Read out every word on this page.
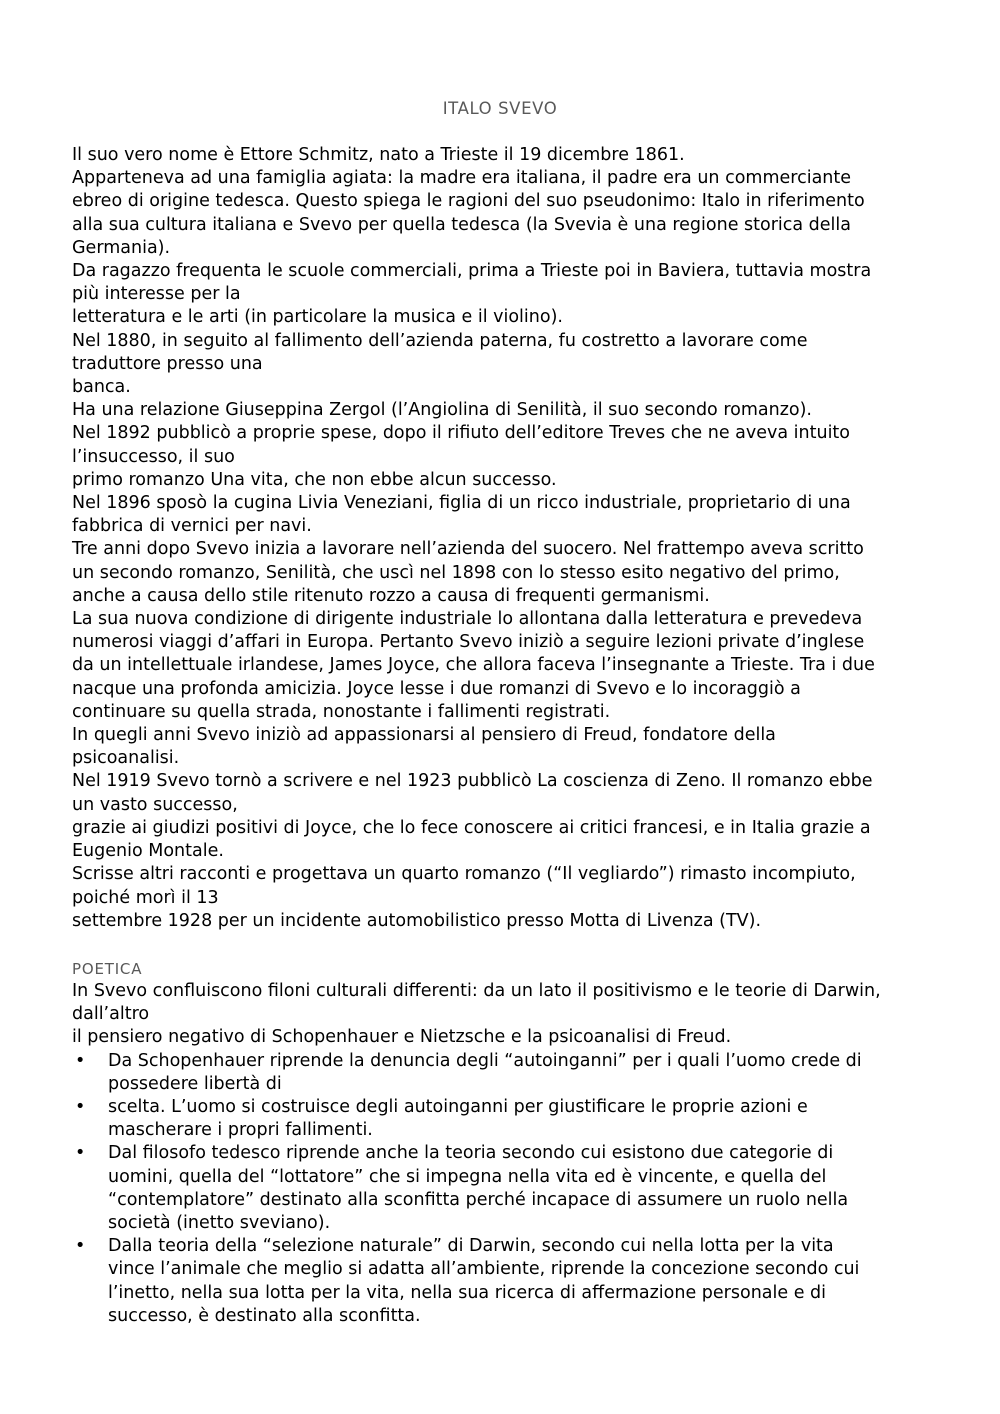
ITALO SVEVO

Il suo vero nome è Ettore Schmitz, nato a Trieste il 19 dicembre 1861.

Apparteneva ad una famiglia agiata: la madre era italiana, il padre era un commerciante

ebreo di origine tedesca. Questo spiega le ragioni del suo pseudonimo: Italo in riferimento

alla sua cultura italiana e Svevo per quella tedesca (la Svevia è una regione storica della

Germania).

Da ragazzo frequenta le scuole commerciali, prima a Trieste poi in Baviera, tuttavia mostra

più interesse per la

letteratura e le arti (in particolare la musica e il violino).

Nel 1880, in seguito al fallimento dell’azienda paterna, fu costretto a lavorare come

traduttore presso una

banca.

Ha una relazione Giuseppina Zergol (l’Angiolina di Senilità, il suo secondo romanzo).

Nel 1892 pubblicò a proprie spese, dopo il rifiuto dell’editore Treves che ne aveva intuito

l’insuccesso, il suo

primo romanzo Una vita, che non ebbe alcun successo.

Nel 1896 sposò la cugina Livia Veneziani, figlia di un ricco industriale, proprietario di una

fabbrica di vernici per navi.

Tre anni dopo Svevo inizia a lavorare nell’azienda del suocero. Nel frattempo aveva scritto

un secondo romanzo, Senilità, che uscì nel 1898 con lo stesso esito negativo del primo,

anche a causa dello stile ritenuto rozzo a causa di frequenti germanismi.

La sua nuova condizione di dirigente industriale lo allontana dalla letteratura e prevedeva

numerosi viaggi d’affari in Europa. Pertanto Svevo iniziò a seguire lezioni private d’inglese

da un intellettuale irlandese, James Joyce, che allora faceva l’insegnante a Trieste. Tra i due

nacque una profonda amicizia. Joyce lesse i due romanzi di Svevo e lo incoraggiò a

continuare su quella strada, nonostante i fallimenti registrati.

In quegli anni Svevo iniziò ad appassionarsi al pensiero di Freud, fondatore della

psicoanalisi.

Nel 1919 Svevo tornò a scrivere e nel 1923 pubblicò La coscienza di Zeno. Il romanzo ebbe

un vasto successo,

grazie ai giudizi positivi di Joyce, che lo fece conoscere ai critici francesi, e in Italia grazie a

Eugenio Montale.

Scrisse altri racconti e progettava un quarto romanzo (“Il vegliardo”) rimasto incompiuto,

poiché morì il 13

settembre 1928 per un incidente automobilistico presso Motta di Livenza (TV).

POETICA

In Svevo confluiscono filoni culturali differenti: da un lato il positivismo e le teorie di Darwin,

dall’altro

il pensiero negativo di Schopenhauer e Nietzsche e la psicoanalisi di Freud.

• Da Schopenhauer riprende la denuncia degli “autoinganni” per i quali l’uomo crede di

possedere libertà di

• scelta. L’uomo si costruisce degli autoinganni per giustificare le proprie azioni e

mascherare i propri fallimenti.

• Dal filosofo tedesco riprende anche la teoria secondo cui esistono due categorie di

uomini, quella del “lottatore” che si impegna nella vita ed è vincente, e quella del

“contemplatore” destinato alla sconfitta perché incapace di assumere un ruolo nella

società (inetto sveviano).

• Dalla teoria della “selezione naturale” di Darwin, secondo cui nella lotta per la vita

vince l’animale che meglio si adatta all’ambiente, riprende la concezione secondo cui

l’inetto, nella sua lotta per la vita, nella sua ricerca di affermazione personale e di

successo, è destinato alla sconfitta.
